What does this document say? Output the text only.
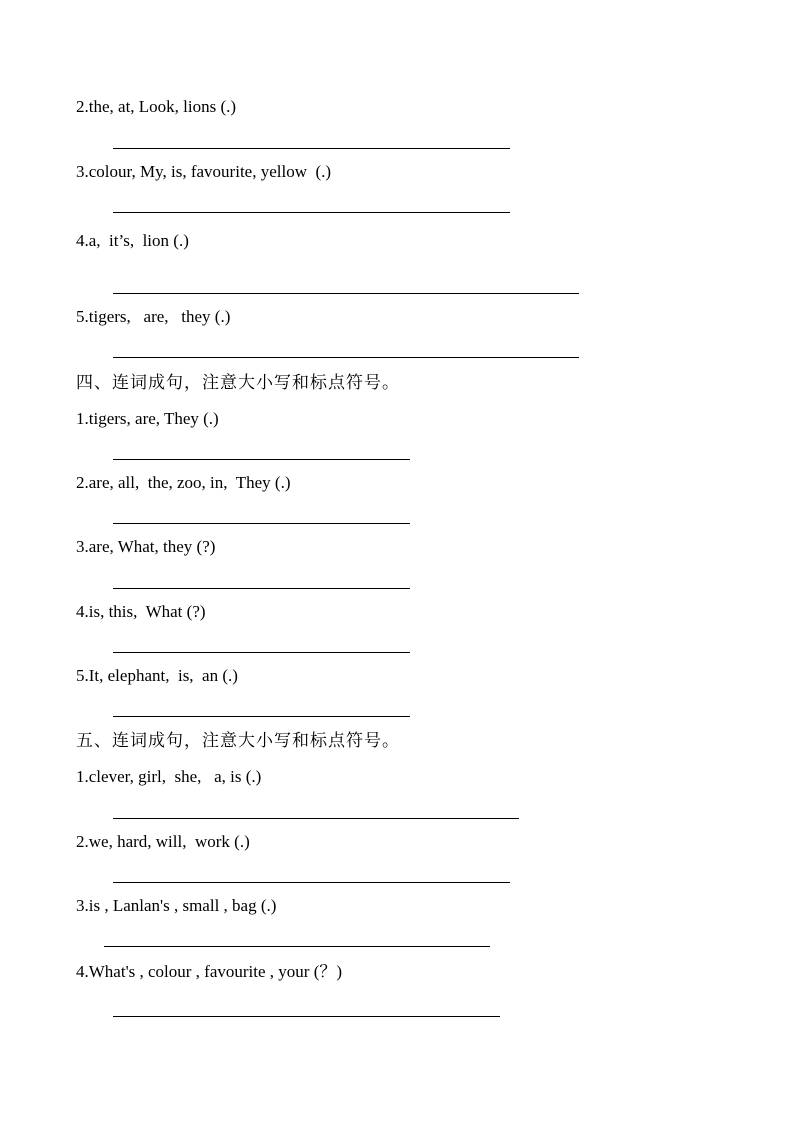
2.the, at, Look, lions (.)
3.colour, My, is, favourite, yellow  (.)
4.a,  it’s,  lion (.)
5.tigers,   are,   they (.)
四、连词成句，注意大小写和标点符号。
1.tigers, are, They (.)
2.are, all,  the, zoo, in,  They (.)
3.are, What, they (?)
4.is, this,  What (?)
5.It, elephant,  is,  an (.)
五、连词成句，注意大小写和标点符号。
1.clever, girl,  she,   a, is (.)
2.we, hard, will,  work (.)
3.is , Lanlan's , small , bag (.)
4.What's , colour , favourite , your (？)
